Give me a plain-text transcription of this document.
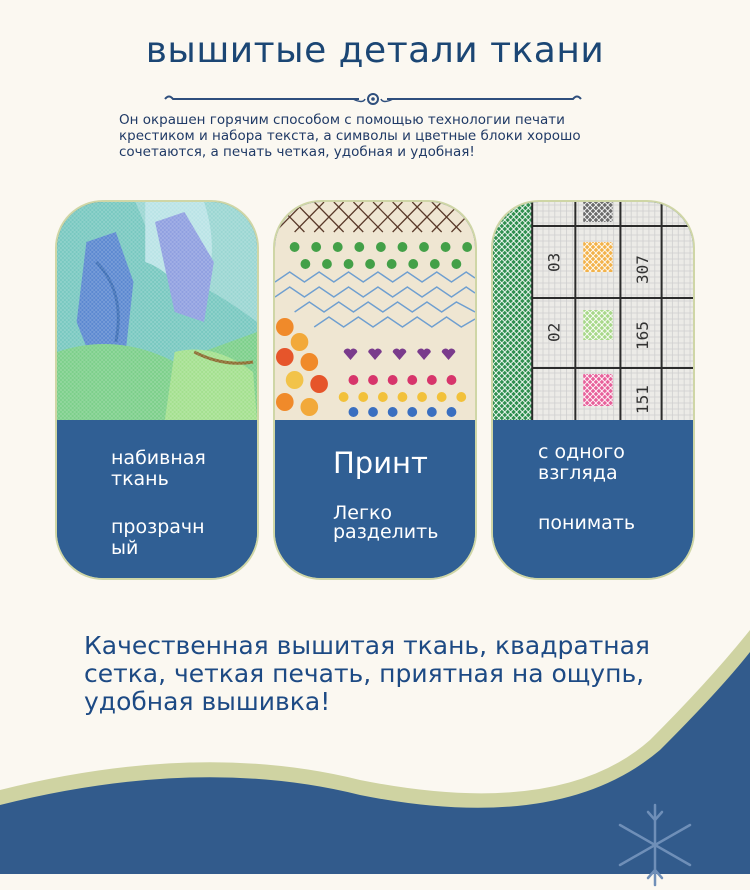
вышитые детали ткани
Он окрашен горячим способом с помощью технологии печати крестиком и набора текста, а символы и цветные блоки хорошо сочетаются, а печать четкая, удобная и удобная!
набивная
ткань
прозрачн
ый
Принт
Легко
разделить
03
02
307
165
151
с одного
взгляда
понимать
Качественная вышитая ткань, квадратная
сетка, четкая печать, приятная на ощупь,
удобная вышивка!
